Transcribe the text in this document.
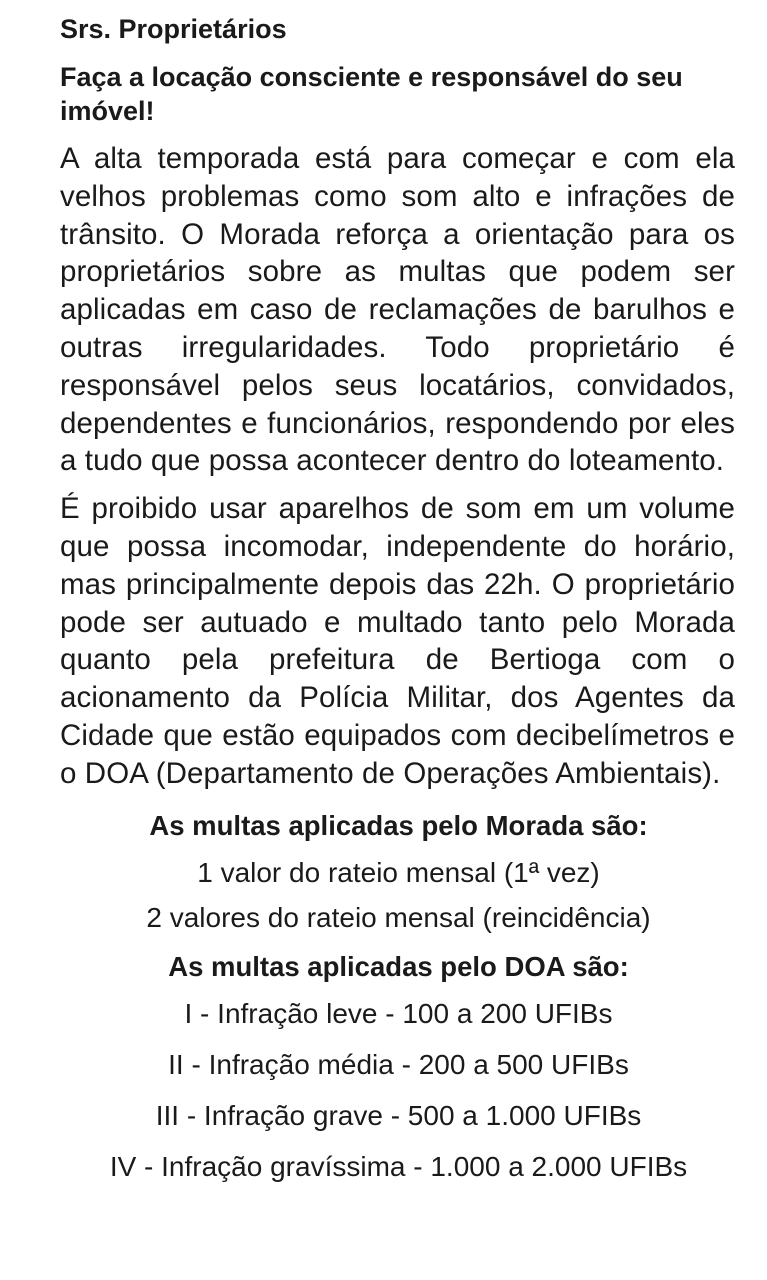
Srs. Proprietários

Faça a locação consciente e responsável do seu imóvel!

A alta temporada está para começar e com ela velhos problemas como som alto e infrações de trânsito. O Morada reforça a orientação para os proprietários sobre as multas que podem ser aplicadas em caso de reclamações de barulhos e outras irregularidades. Todo proprietário é responsável pelos seus locatários, convidados, dependentes e funcionários, respondendo por eles a tudo que possa acontecer dentro do loteamento.

É proibido usar aparelhos de som em um volume que possa incomodar, independente do horário, mas principalmente depois das 22h. O proprietário pode ser autuado e multado tanto pelo Morada quanto pela prefeitura de Bertioga com o acionamento da Polícia Militar, dos Agentes da Cidade que estão equipados com decibelímetros e o DOA (Departamento de Operações Ambientais).

As multas aplicadas pelo Morada são:

1 valor do rateio mensal (1ª vez)

2 valores do rateio mensal (reincidência)

As multas aplicadas pelo DOA são:

I - Infração leve - 100 a 200 UFIBs

II - Infração média - 200 a 500 UFIBs

III - Infração grave - 500 a 1.000 UFIBs

IV - Infração gravíssima - 1.000 a 2.000 UFIBs
